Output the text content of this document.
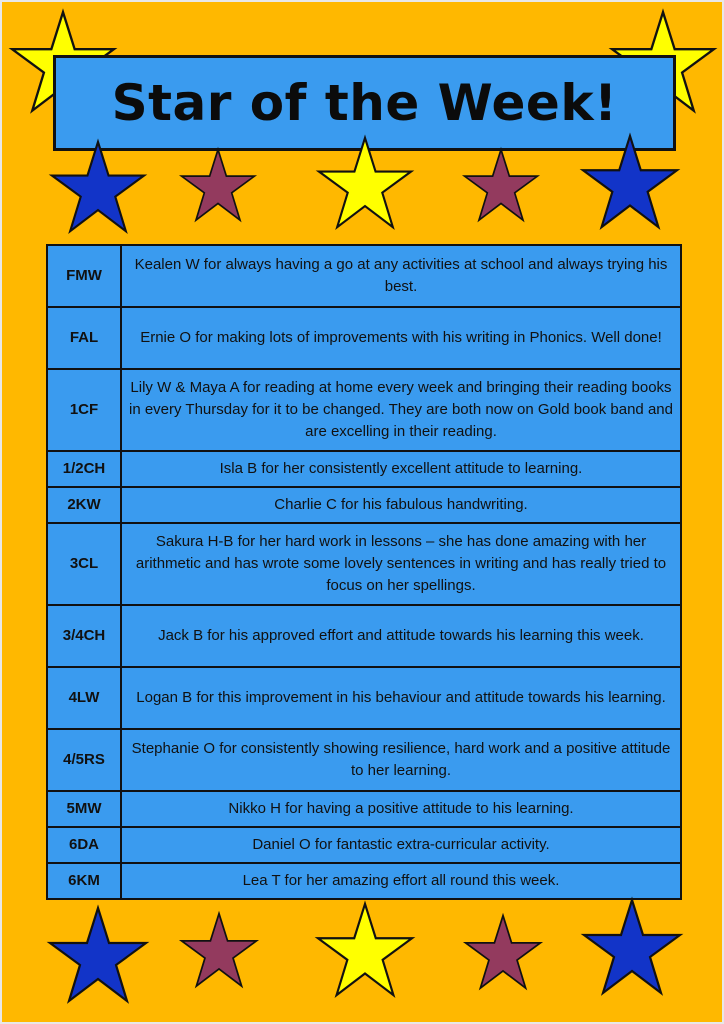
Star of the Week!
FMW	Kealen W for always having a go at any activities at school and always trying his best.
FAL	Ernie O for making lots of improvements with his writing in Phonics. Well done!
1CF	Lily W & Maya A for reading at home every week and bringing their reading books in every Thursday for it to be changed. They are both now on Gold book band and are excelling in their reading.
1/2CH	Isla B for her consistently excellent attitude to learning.
2KW	Charlie C for his fabulous handwriting.
3CL	Sakura H-B for her hard work in lessons – she has done amazing with her arithmetic and has wrote some lovely sentences in writing and has really tried to focus on her spellings.
3/4CH	Jack B for his approved effort and attitude towards his learning this week.
4LW	Logan B for this improvement in his behaviour and attitude towards his learning.
4/5RS	Stephanie O for consistently showing resilience, hard work and a positive attitude to her learning.
5MW	Nikko H for having a positive attitude to his learning.
6DA	Daniel O for fantastic extra-curricular activity.
6KM	Lea T for her amazing effort all round this week.
